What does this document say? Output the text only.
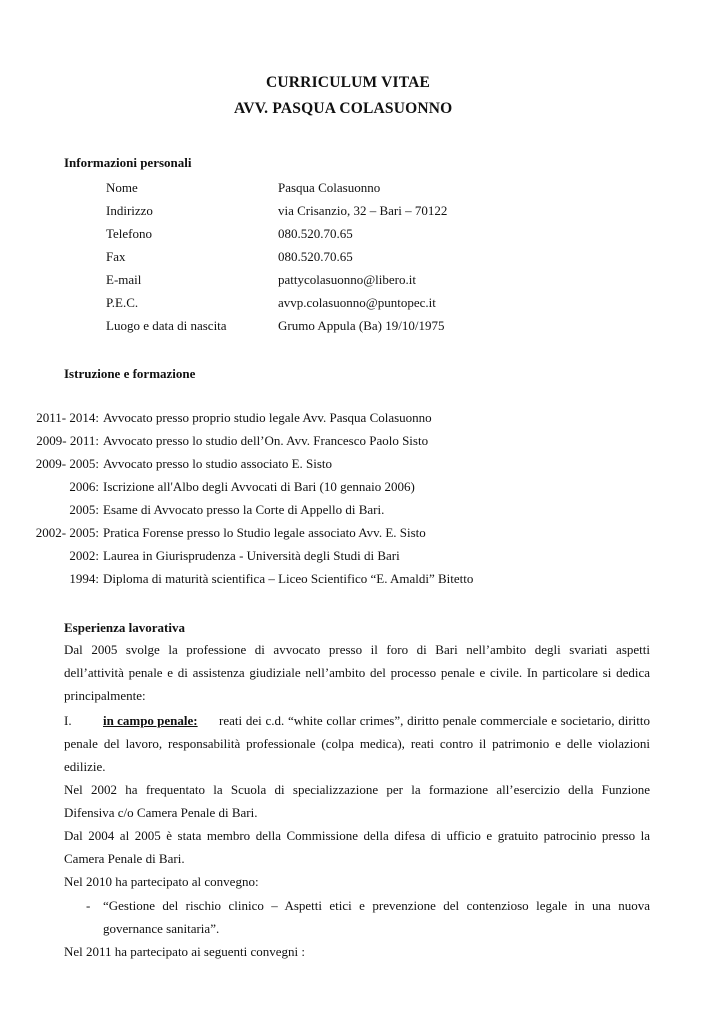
CURRICULUM VITAE
AVV. PASQUA COLASUONNO
Informazioni personali
Nome	Pasqua Colasuonno
Indirizzo	via Crisanzio, 32 – Bari – 70122
Telefono	080.520.70.65
Fax	080.520.70.65
E-mail	pattycolasuonno@libero.it
P.E.C.	avvp.colasuonno@puntopec.it
Luogo e data di nascita	Grumo Appula (Ba) 19/10/1975
Istruzione e formazione
2011- 2014: Avvocato presso proprio studio legale Avv. Pasqua Colasuonno
2009- 2011: Avvocato presso lo studio dell’On. Avv. Francesco Paolo Sisto
2009- 2005: Avvocato presso lo studio associato E. Sisto
2006: Iscrizione all'Albo degli Avvocati di Bari (10 gennaio 2006)
2005: Esame di Avvocato presso la Corte di Appello di Bari.
2002- 2005: Pratica Forense presso lo Studio legale associato Avv. E. Sisto
2002: Laurea in Giurisprudenza - Università degli Studi di Bari
1994: Diploma di maturità scientifica – Liceo Scientifico “E. Amaldi” Bitetto
Esperienza lavorativa
Dal 2005 svolge la professione di avvocato presso il foro di Bari nell’ambito degli svariati aspetti
dell’attività penale e di assistenza giudiziale nell’ambito del processo penale e civile. In particolare si dedica
principalmente:
I. in campo penale: reati dei c.d. “white collar crimes”, diritto penale commerciale e societario, diritto
penale del lavoro, responsabilità professionale (colpa medica), reati contro il patrimonio e delle violazioni
edilizie.
Nel 2002 ha frequentato la Scuola di specializzazione per la formazione all’esercizio della Funzione
Difensiva c/o Camera Penale di Bari.
Dal 2004 al 2005 è stata membro della Commissione della difesa di ufficio e gratuito patrocinio presso la
Camera Penale di Bari.
Nel 2010 ha partecipato al convegno:
- “Gestione del rischio clinico – Aspetti etici e prevenzione del contenzioso legale in una nuova
governance sanitaria”.
Nel 2011 ha partecipato ai seguenti convegni :
